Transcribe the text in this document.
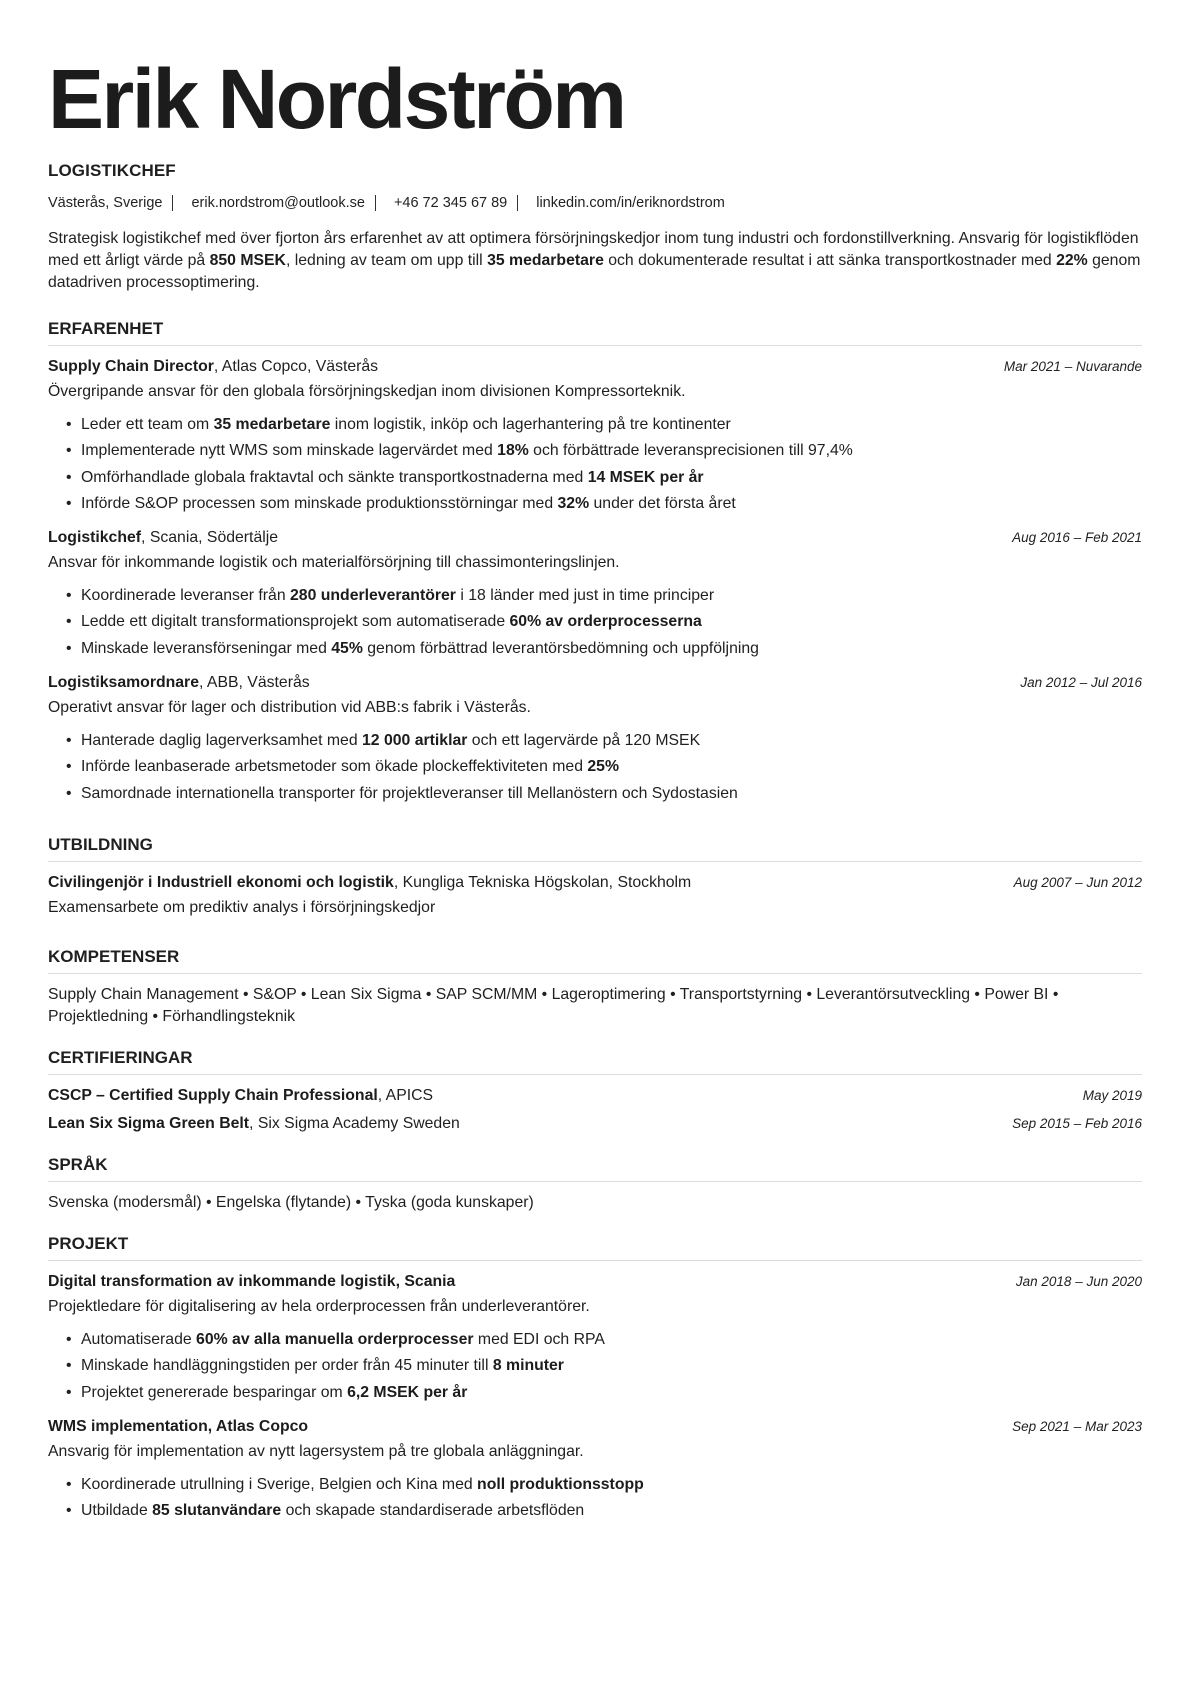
Erik Nordström
LOGISTIKCHEF
Västerås, Sverige erik.nordstrom@outlook.se +46 72 345 67 89 linkedin.com/in/eriknordstrom
Strategisk logistikchef med över fjorton års erfarenhet av att optimera försörjningskedjor inom tung industri och fordonstillverkning. Ansvarig för logistikflöden med ett årligt värde på 850 MSEK, ledning av team om upp till 35 medarbetare och dokumenterade resultat i att sänka transportkostnader med 22% genom datadriven processoptimering.
ERFARENHET
Supply Chain Director, Atlas Copco, Västerås	Mar 2021 – Nuvarande
Övergripande ansvar för den globala försörjningskedjan inom divisionen Kompressorteknik.
• Leder ett team om 35 medarbetare inom logistik, inköp och lagerhantering på tre kontinenter
• Implementerade nytt WMS som minskade lagervärdet med 18% och förbättrade leveransprecisionen till 97,4%
• Omförhandlade globala fraktavtal och sänkte transportkostnaderna med 14 MSEK per år
• Införde S&OP processen som minskade produktionsstörningar med 32% under det första året
Logistikchef, Scania, Södertälje	Aug 2016 – Feb 2021
Ansvar för inkommande logistik och materialförsörjning till chassimonteringslinjen.
• Koordinerade leveranser från 280 underleverantörer i 18 länder med just in time principer
• Ledde ett digitalt transformationsprojekt som automatiserade 60% av orderprocesserna
• Minskade leveransförseningar med 45% genom förbättrad leverantörsbedömning och uppföljning
Logistiksamordnare, ABB, Västerås	Jan 2012 – Jul 2016
Operativt ansvar för lager och distribution vid ABB:s fabrik i Västerås.
• Hanterade daglig lagerverksamhet med 12 000 artiklar och ett lagervärde på 120 MSEK
• Införde leanbaserade arbetsmetoder som ökade plockeffektiviteten med 25%
• Samordnade internationella transporter för projektleveranser till Mellanöstern och Sydostasien
UTBILDNING
Civilingenjör i Industriell ekonomi och logistik, Kungliga Tekniska Högskolan, Stockholm	Aug 2007 – Jun 2012
Examensarbete om prediktiv analys i försörjningskedjor
KOMPETENSER
Supply Chain Management • S&OP • Lean Six Sigma • SAP SCM/MM • Lageroptimering • Transportstyrning • Leverantörsutveckling • Power BI • Projektledning • Förhandlingsteknik
CERTIFIERINGAR
CSCP – Certified Supply Chain Professional, APICS	May 2019
Lean Six Sigma Green Belt, Six Sigma Academy Sweden	Sep 2015 – Feb 2016
SPRÅK
Svenska (modersmål) • Engelska (flytande) • Tyska (goda kunskaper)
PROJEKT
Digital transformation av inkommande logistik, Scania	Jan 2018 – Jun 2020
Projektledare för digitalisering av hela orderprocessen från underleverantörer.
• Automatiserade 60% av alla manuella orderprocesser med EDI och RPA
• Minskade handläggningstiden per order från 45 minuter till 8 minuter
• Projektet genererade besparingar om 6,2 MSEK per år
WMS implementation, Atlas Copco	Sep 2021 – Mar 2023
Ansvarig för implementation av nytt lagersystem på tre globala anläggningar.
• Koordinerade utrullning i Sverige, Belgien och Kina med noll produktionsstopp
• Utbildade 85 slutanvändare och skapade standardiserade arbetsflöden
